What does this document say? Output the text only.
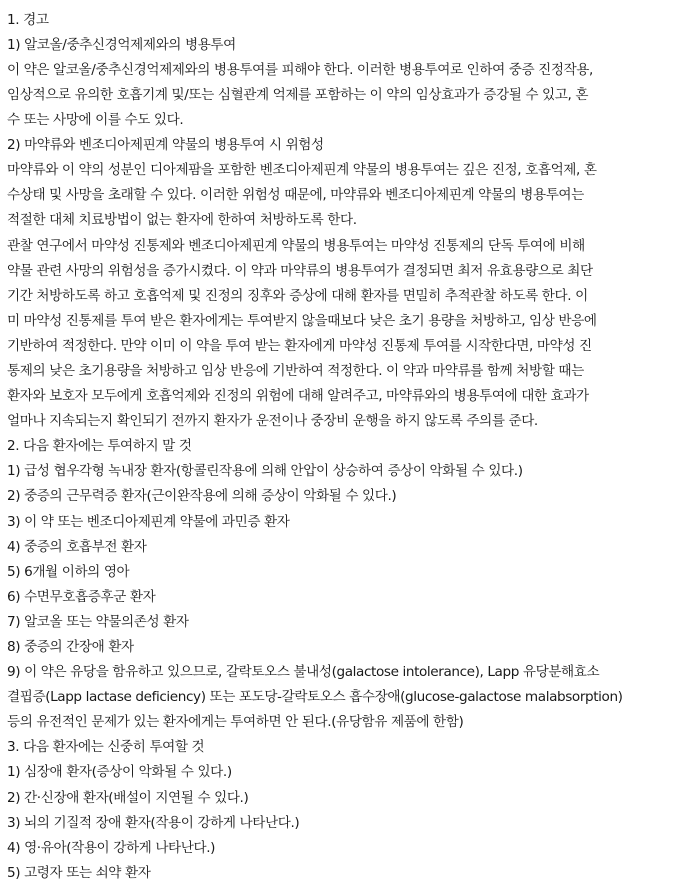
1. 경고
1) 알코올/중추신경억제제와의 병용투여
이 약은 알코올/중추신경억제제와의 병용투여를 피해야 한다. 이러한 병용투여로 인하여 중증 진정작용,
임상적으로 유의한 호흡기계 및/또는 심혈관계 억제를 포함하는 이 약의 임상효과가 증강될 수 있고, 혼
수 또는 사망에 이를 수도 있다.
2) 마약류와 벤조디아제핀계 약물의 병용투여 시 위험성
마약류와 이 약의 성분인 디아제팜을 포함한 벤조디아제핀계 약물의 병용투여는 깊은 진정, 호흡억제, 혼
수상태 및 사망을 초래할 수 있다. 이러한 위험성 때문에, 마약류와 벤조디아제핀계 약물의 병용투여는
적절한 대체 치료방법이 없는 환자에 한하여 처방하도록 한다.
관찰 연구에서 마약성 진통제와 벤조디아제핀계 약물의 병용투여는 마약성 진통제의 단독 투여에 비해
약물 관련 사망의 위험성을 증가시켰다. 이 약과 마약류의 병용투여가 결정되면 최저 유효용량으로 최단
기간 처방하도록 하고 호흡억제 및 진정의 징후와 증상에 대해 환자를 면밀히 추적관찰 하도록 한다. 이
미 마약성 진통제를 투여 받은 환자에게는 투여받지 않을때보다 낮은 초기 용량을 처방하고, 임상 반응에
기반하여 적정한다. 만약 이미 이 약을 투여 받는 환자에게 마약성 진통제 투여를 시작한다면, 마약성 진
통제의 낮은 초기용량을 처방하고 임상 반응에 기반하여 적정한다. 이 약과 마약류를 함께 처방할 때는
환자와 보호자 모두에게 호흡억제와 진정의 위험에 대해 알려주고, 마약류와의 병용투여에 대한 효과가
얼마나 지속되는지 확인되기 전까지 환자가 운전이나 중장비 운행을 하지 않도록 주의를 준다.
2. 다음 환자에는 투여하지 말 것
1) 급성 협우각형 녹내장 환자(항콜린작용에 의해 안압이 상승하여 증상이 악화될 수 있다.)
2) 중증의 근무력증 환자(근이완작용에 의해 증상이 악화될 수 있다.)
3) 이 약 또는 벤조디아제핀계 약물에 과민증 환자
4) 중증의 호흡부전 환자
5) 6개월 이하의 영아
6) 수면무호흡증후군 환자
7) 알코올 또는 약물의존성 환자
8) 중증의 간장애 환자
9) 이 약은 유당을 함유하고 있으므로, 갈락토오스 불내성(galactose intolerance), Lapp 유당분해효소
결핍증(Lapp lactase deficiency) 또는 포도당-갈락토오스 흡수장애(glucose-galactose malabsorption)
등의 유전적인 문제가 있는 환자에게는 투여하면 안 된다.(유당함유 제품에 한함)
3. 다음 환자에는 신중히 투여할 것
1) 심장애 환자(증상이 악화될 수 있다.)
2) 간·신장애 환자(배설이 지연될 수 있다.)
3) 뇌의 기질적 장애 환자(작용이 강하게 나타난다.)
4) 영·유아(작용이 강하게 나타난다.)
5) 고령자 또는 쇠약 환자
